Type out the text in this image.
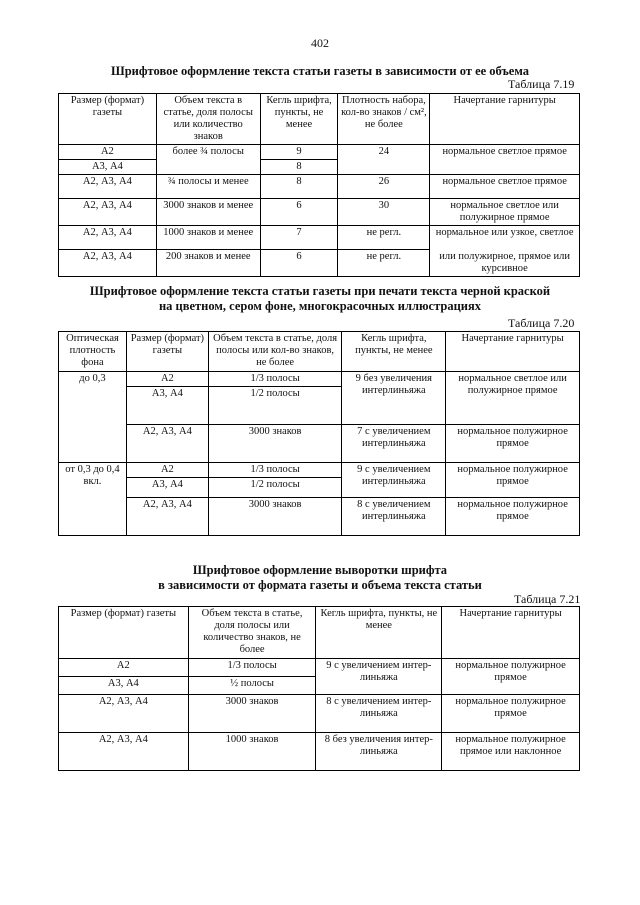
402
Шрифтовое оформление текста статьи газеты в зависимости от ее объема
Таблица 7.19
Размер (формат) газеты	Объем текста в статье, доля полосы или количество знаков	Кегль шрифта, пункты, не менее	Плотность набора, кол-во знаков / см², не более	Начертание гарнитуры
А2	более ¾ полосы	9	24	нормальное светлое прямое
А3, А4		8		
А2, А3, А4	¾ полосы и менее	8	26	нормальное светлое прямое
А2, А3, А4	3000 знаков и менее	6	30	нормальное светлое или полужирное прямое
А2, А3, А4	1000 знаков и менее	7	не регл.	нормальное или узкое, светлое
А2, А3, А4	200 знаков и менее	6	не регл.	или полужирное, прямое или курсивное
Шрифтовое оформление текста статьи газеты при печати текста черной краской
на цветном, сером фоне, многокрасочных иллюстрациях
Таблица 7.20
Оптическая плотность фона	Размер (формат) газеты	Объем текста в статье, доля полосы или кол-во знаков, не более	Кегль шрифта, пункты, не менее	Начертание гарнитуры
до 0,3	А2	1/3 полосы	9 без увеличения интерлиньяжа	нормальное светлое или полужирное прямое
	А3, А4	1/2 полосы		
	А2, А3, А4	3000 знаков	7 с увеличением интерлиньяжа	нормальное полужирное прямое
от 0,3 до 0,4 вкл.	А2	1/3 полосы	9 с увеличением интерлиньяжа	нормальное полужирное прямое
	А3, А4	1/2 полосы		
	А2, А3, А4	3000 знаков	8 с увеличением интерлиньяжа	нормальное полужирное прямое
Шрифтовое оформление выворотки шрифта
в зависимости от формата газеты и объема текста статьи
Таблица 7.21
Размер (формат) газеты	Объем текста в статье, доля полосы или количество знаков, не более	Кегль шрифта, пункты, не менее	Начертание гарнитуры
А2	1/3 полосы	9 с увеличением интер-линьяжа	нормальное полужирное прямое
А3, А4	½ полосы		
А2, А3, А4	3000 знаков	8 с увеличением интер-линьяжа	нормальное полужирное прямое
А2, А3, А4	1000 знаков	8 без увеличения интер-линьяжа	нормальное полужирное прямое или наклонное
